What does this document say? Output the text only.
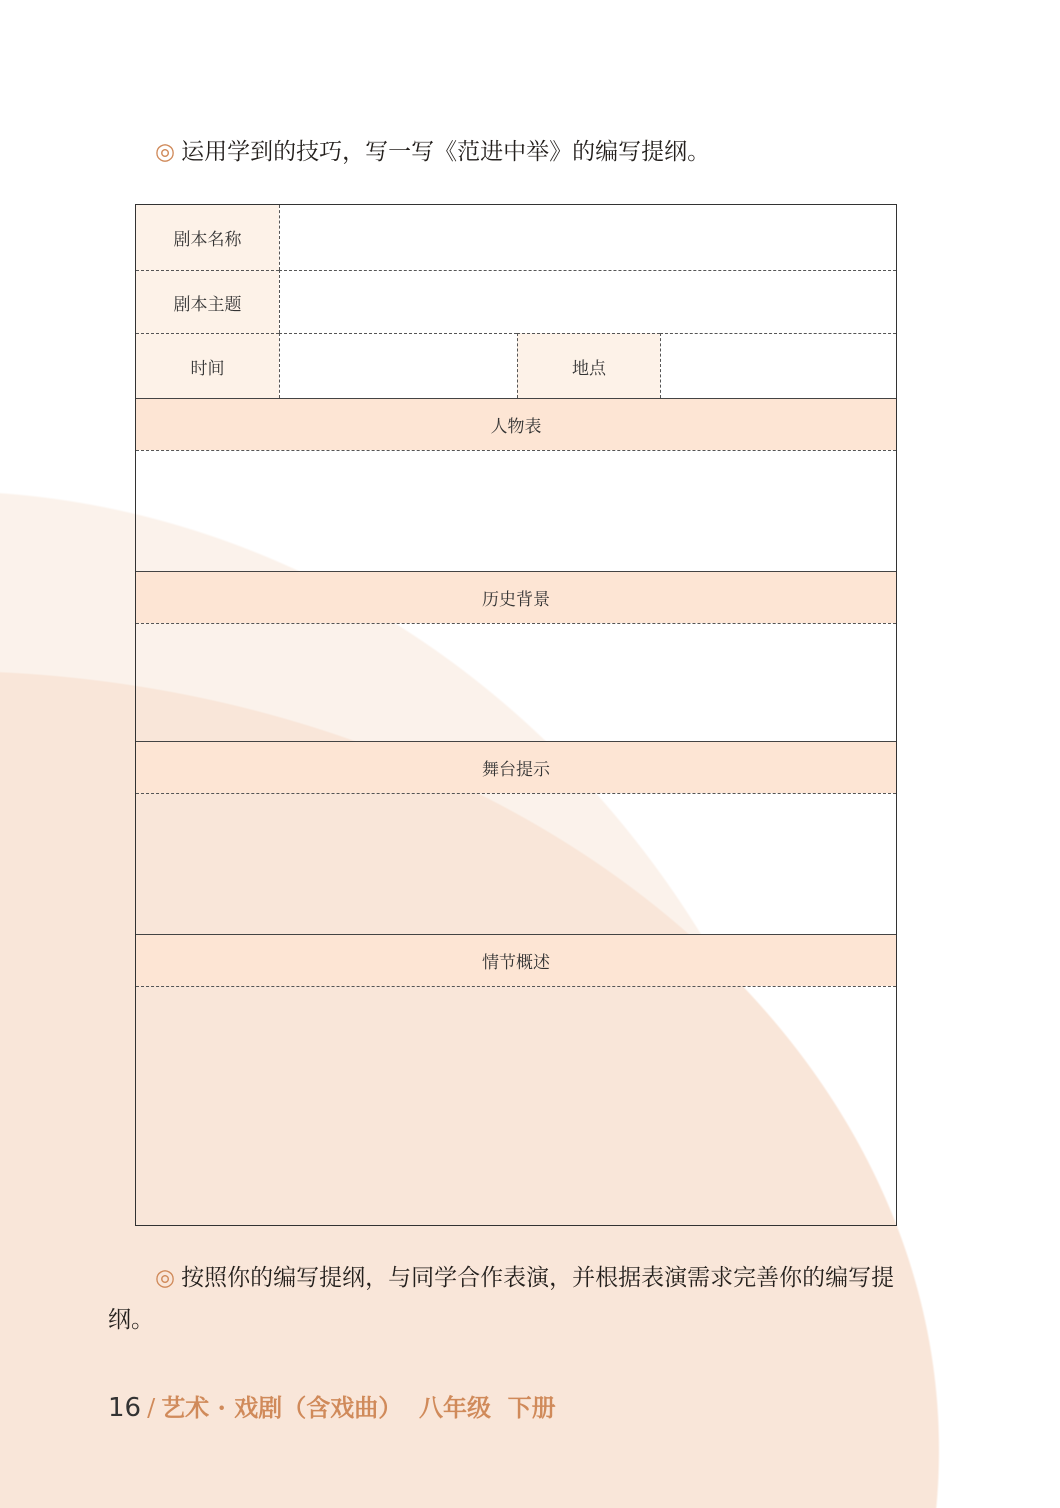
◎ 运用学到的技巧，写一写《范进中举》的编写提纲。
剧本名称
剧本主题
时间	地点
人物表
历史背景
舞台提示
情节概述
◎ 按照你的编写提纲，与同学合作表演，并根据表演需求完善你的编写提纲。
16 / 艺术 · 戏剧（含戏曲）  八年级  下册
